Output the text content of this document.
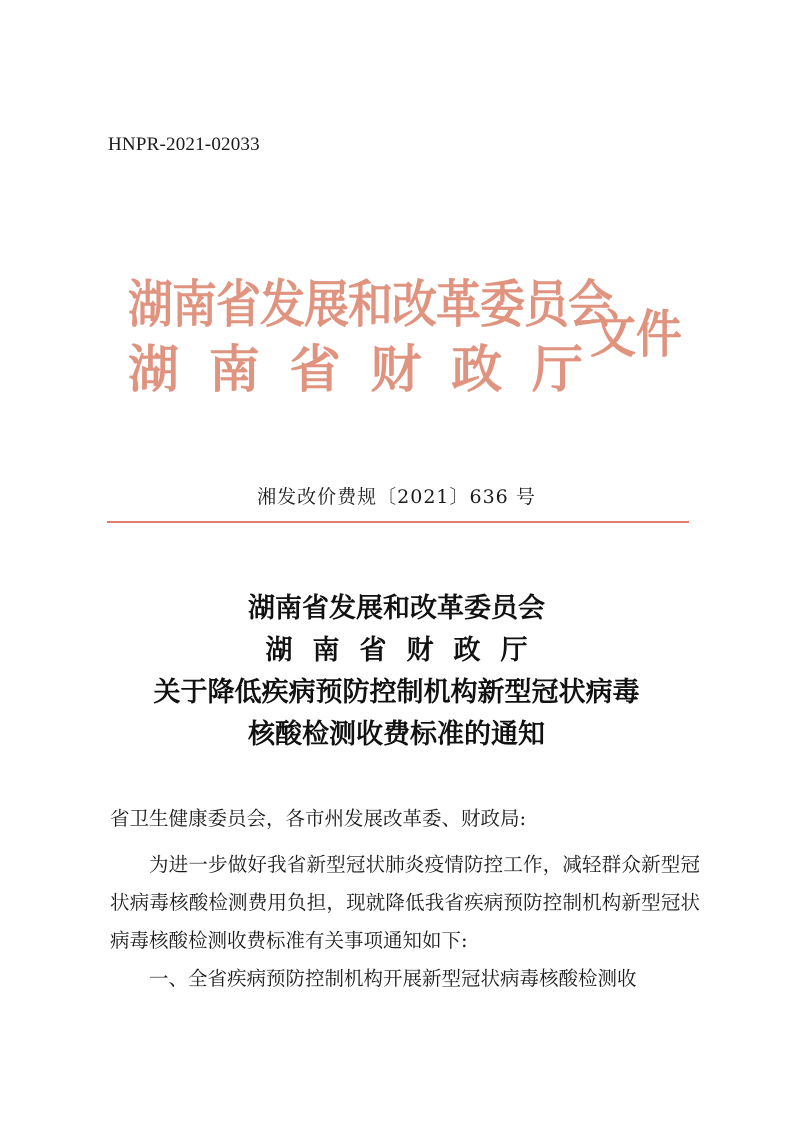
HNPR-2021-02033
湖南省发展和改革委员会
湖 南 省 财 政 厅
文件
湘发改价费规〔2021〕636 号
湖南省发展和改革委员会
湖南省财政厅
关于降低疾病预防控制机构新型冠状病毒
核酸检测收费标准的通知

省卫生健康委员会，各市州发展改革委、财政局:

为进一步做好我省新型冠状肺炎疫情防控工作，减轻群众新型冠状病毒核酸检测费用负担，现就降低我省疾病预防控制机构新型冠状病毒核酸检测收费标准有关事项通知如下:

一、全省疾病预防控制机构开展新型冠状病毒核酸检测收
